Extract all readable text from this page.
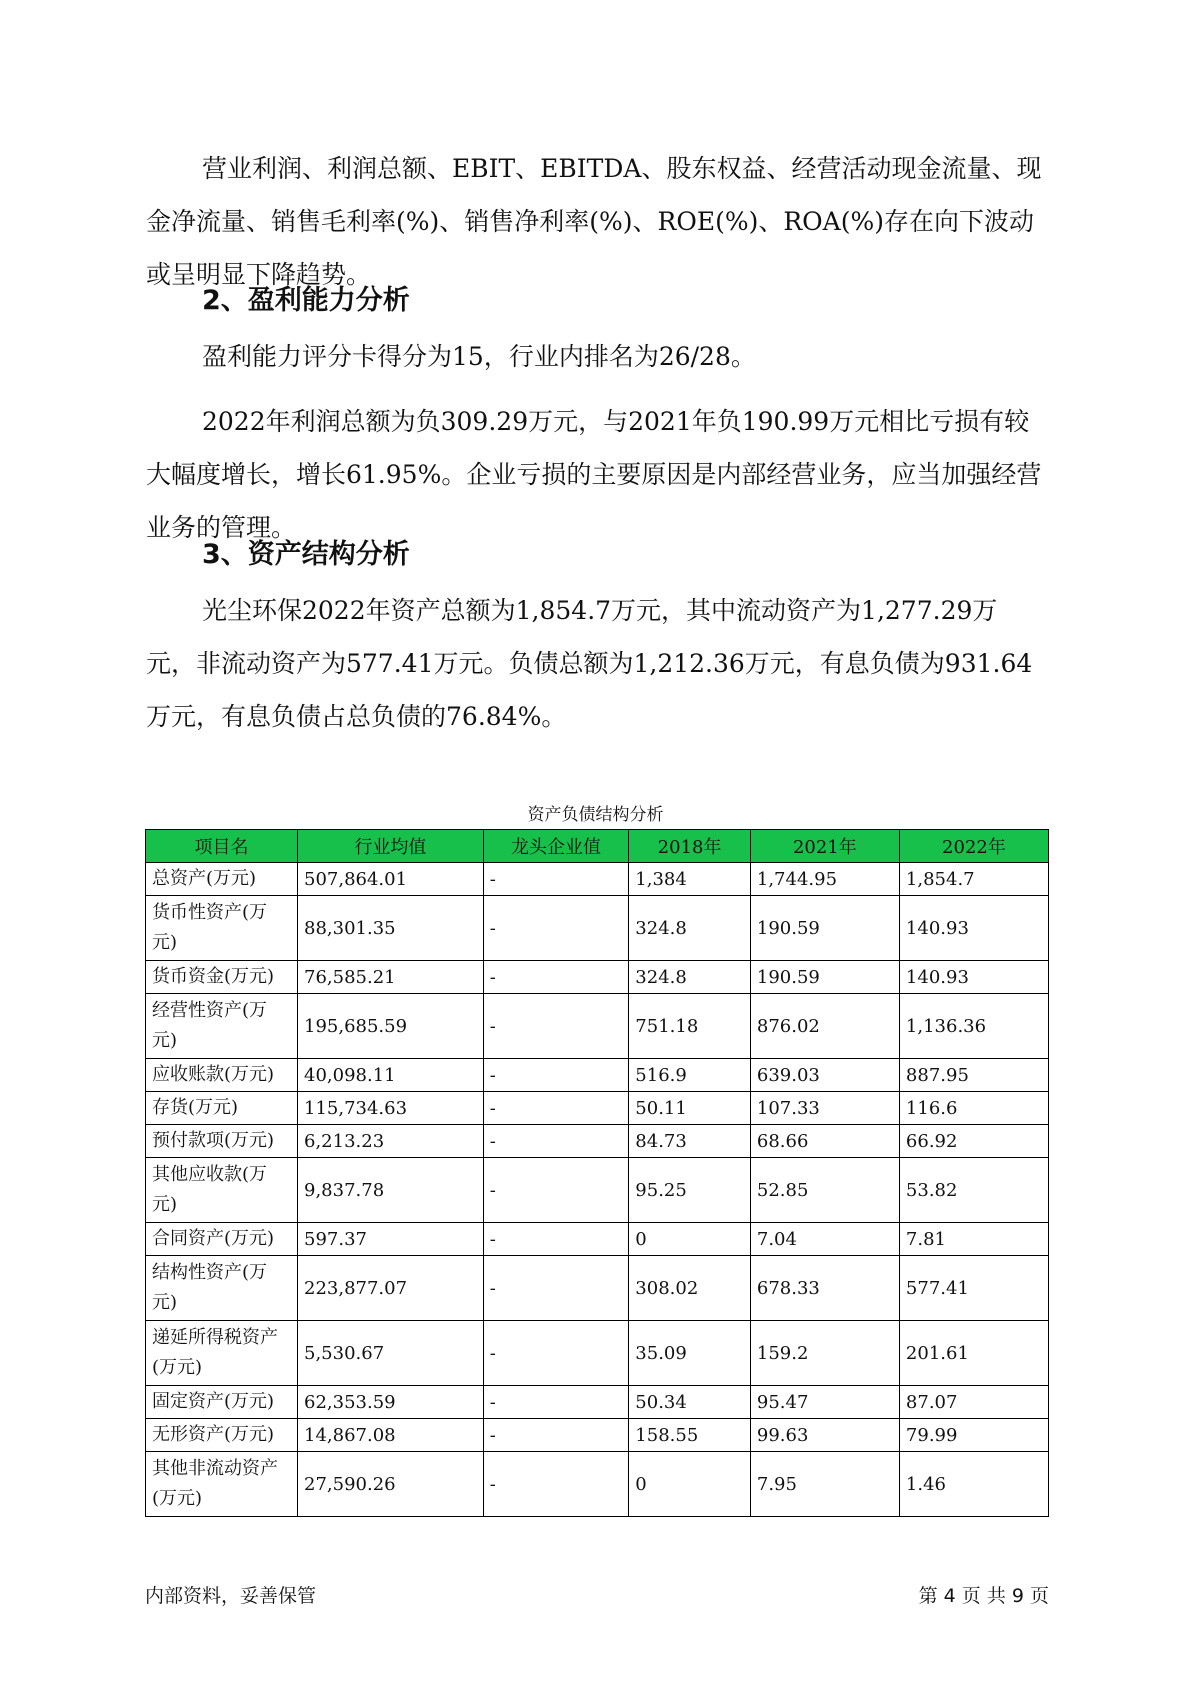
营业利润、利润总额、EBIT、EBITDA、股东权益、经营活动现金流量、现金净流量、销售毛利率(%)、销售净利率(%)、ROE(%)、ROA(%)存在向下波动或呈明显下降趋势。

2、盈利能力分析

盈利能力评分卡得分为15，行业内排名为26/28。

2022年利润总额为负309.29万元，与2021年负190.99万元相比亏损有较大幅度增长，增长61.95%。企业亏损的主要原因是内部经营业务，应当加强经营业务的管理。

3、资产结构分析

光尘环保2022年资产总额为1,854.7万元，其中流动资产为1,277.29万元，非流动资产为577.41万元。负债总额为1,212.36万元，有息负债为931.64万元，有息负债占总负债的76.84%。

资产负债结构分析
项目名	行业均值	龙头企业值	2018年	2021年	2022年
总资产(万元)	507,864.01	-	1,384	1,744.95	1,854.7
货币性资产(万元)	88,301.35	-	324.8	190.59	140.93
货币资金(万元)	76,585.21	-	324.8	190.59	140.93
经营性资产(万元)	195,685.59	-	751.18	876.02	1,136.36
应收账款(万元)	40,098.11	-	516.9	639.03	887.95
存货(万元)	115,734.63	-	50.11	107.33	116.6
预付款项(万元)	6,213.23	-	84.73	68.66	66.92
其他应收款(万元)	9,837.78	-	95.25	52.85	53.82
合同资产(万元)	597.37	-	0	7.04	7.81
结构性资产(万元)	223,877.07	-	308.02	678.33	577.41
递延所得税资产(万元)	5,530.67	-	35.09	159.2	201.61
固定资产(万元)	62,353.59	-	50.34	95.47	87.07
无形资产(万元)	14,867.08	-	158.55	99.63	79.99
其他非流动资产(万元)	27,590.26	-	0	7.95	1.46
内部资料，妥善保管	第 4 页 共 9 页
